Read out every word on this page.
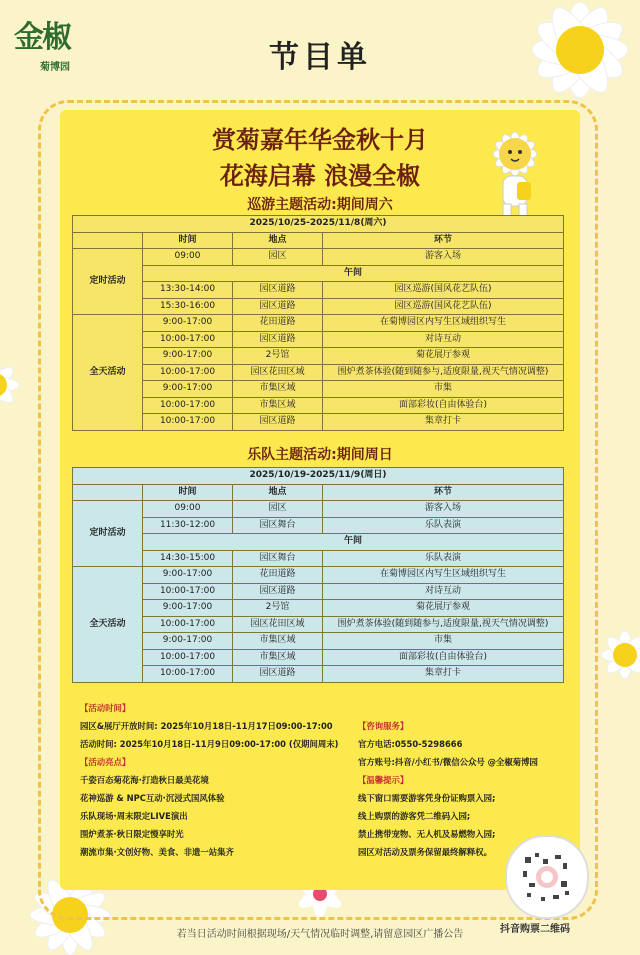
金椒
菊博园	节目单
赏菊嘉年华金秋十月
花海启幕 浪漫全椒
巡游主题活动:期间周六
2025/10/25-2025/11/8(周六)			
	时间	地点	环节
定时活动	09:00	园区	游客入场
	午间		
	13:30-14:00	园区道路	园区巡游(国风花艺队伍)
	15:30-16:00	园区道路	园区巡游(国风花艺队伍)
全天活动	9:00-17:00	花田道路	在菊博园区内写生区域组织写生
	10:00-17:00	园区道路	对诗互动
	9:00-17:00	2号馆	菊花展厅参观
	10:00-17:00	园区花田区域	围炉煮茶体验(随到随参与,适度限量,视天气情况调整)
	9:00-17:00	市集区域	市集
	10:00-17:00	市集区域	面部彩妆(自由体验台)
	10:00-17:00	园区道路	集章打卡
乐队主题活动:期间周日
2025/10/19-2025/11/9(周日)			
	时间	地点	环节
定时活动	09:00	园区	游客入场
	11:30-12:00	园区舞台	乐队表演
	午间		
	14:30-15:00	园区舞台	乐队表演
全天活动	9:00-17:00	花田道路	在菊博园区内写生区域组织写生
	10:00-17:00	园区道路	对诗互动
	9:00-17:00	2号馆	菊花展厅参观
	10:00-17:00	园区花田区域	围炉煮茶体验(随到随参与,适度限量,视天气情况调整)
	9:00-17:00	市集区域	市集
	10:00-17:00	市集区域	面部彩妆(自由体验台)
	10:00-17:00	园区道路	集章打卡
【活动时间】
园区&展厅开放时间: 2025年10月18日-11月17日09:00-17:00
活动时间: 2025年10月18日-11月9日09:00-17:00 (仅期间周末)
【活动亮点】
千姿百态菊花海·打造秋日最美花境
花神巡游 & NPC互动·沉浸式国风体验
乐队现场·周末限定LIVE演出
围炉煮茶·秋日限定慢享时光
潮流市集·文创好物、美食、非遗一站集齐
【咨询服务】
官方电话:0550-5298666
官方账号:抖音/小红书/微信公众号 @全椒菊博园
【温馨提示】
线下窗口需要游客凭身份证购票入园;
线上购票的游客凭二维码入园;
禁止携带宠物、无人机及易燃物入园;
园区对活动及票务保留最终解释权。
抖音购票二维码
若当日活动时间根据现场/天气情况临时调整,请留意园区广播公告
